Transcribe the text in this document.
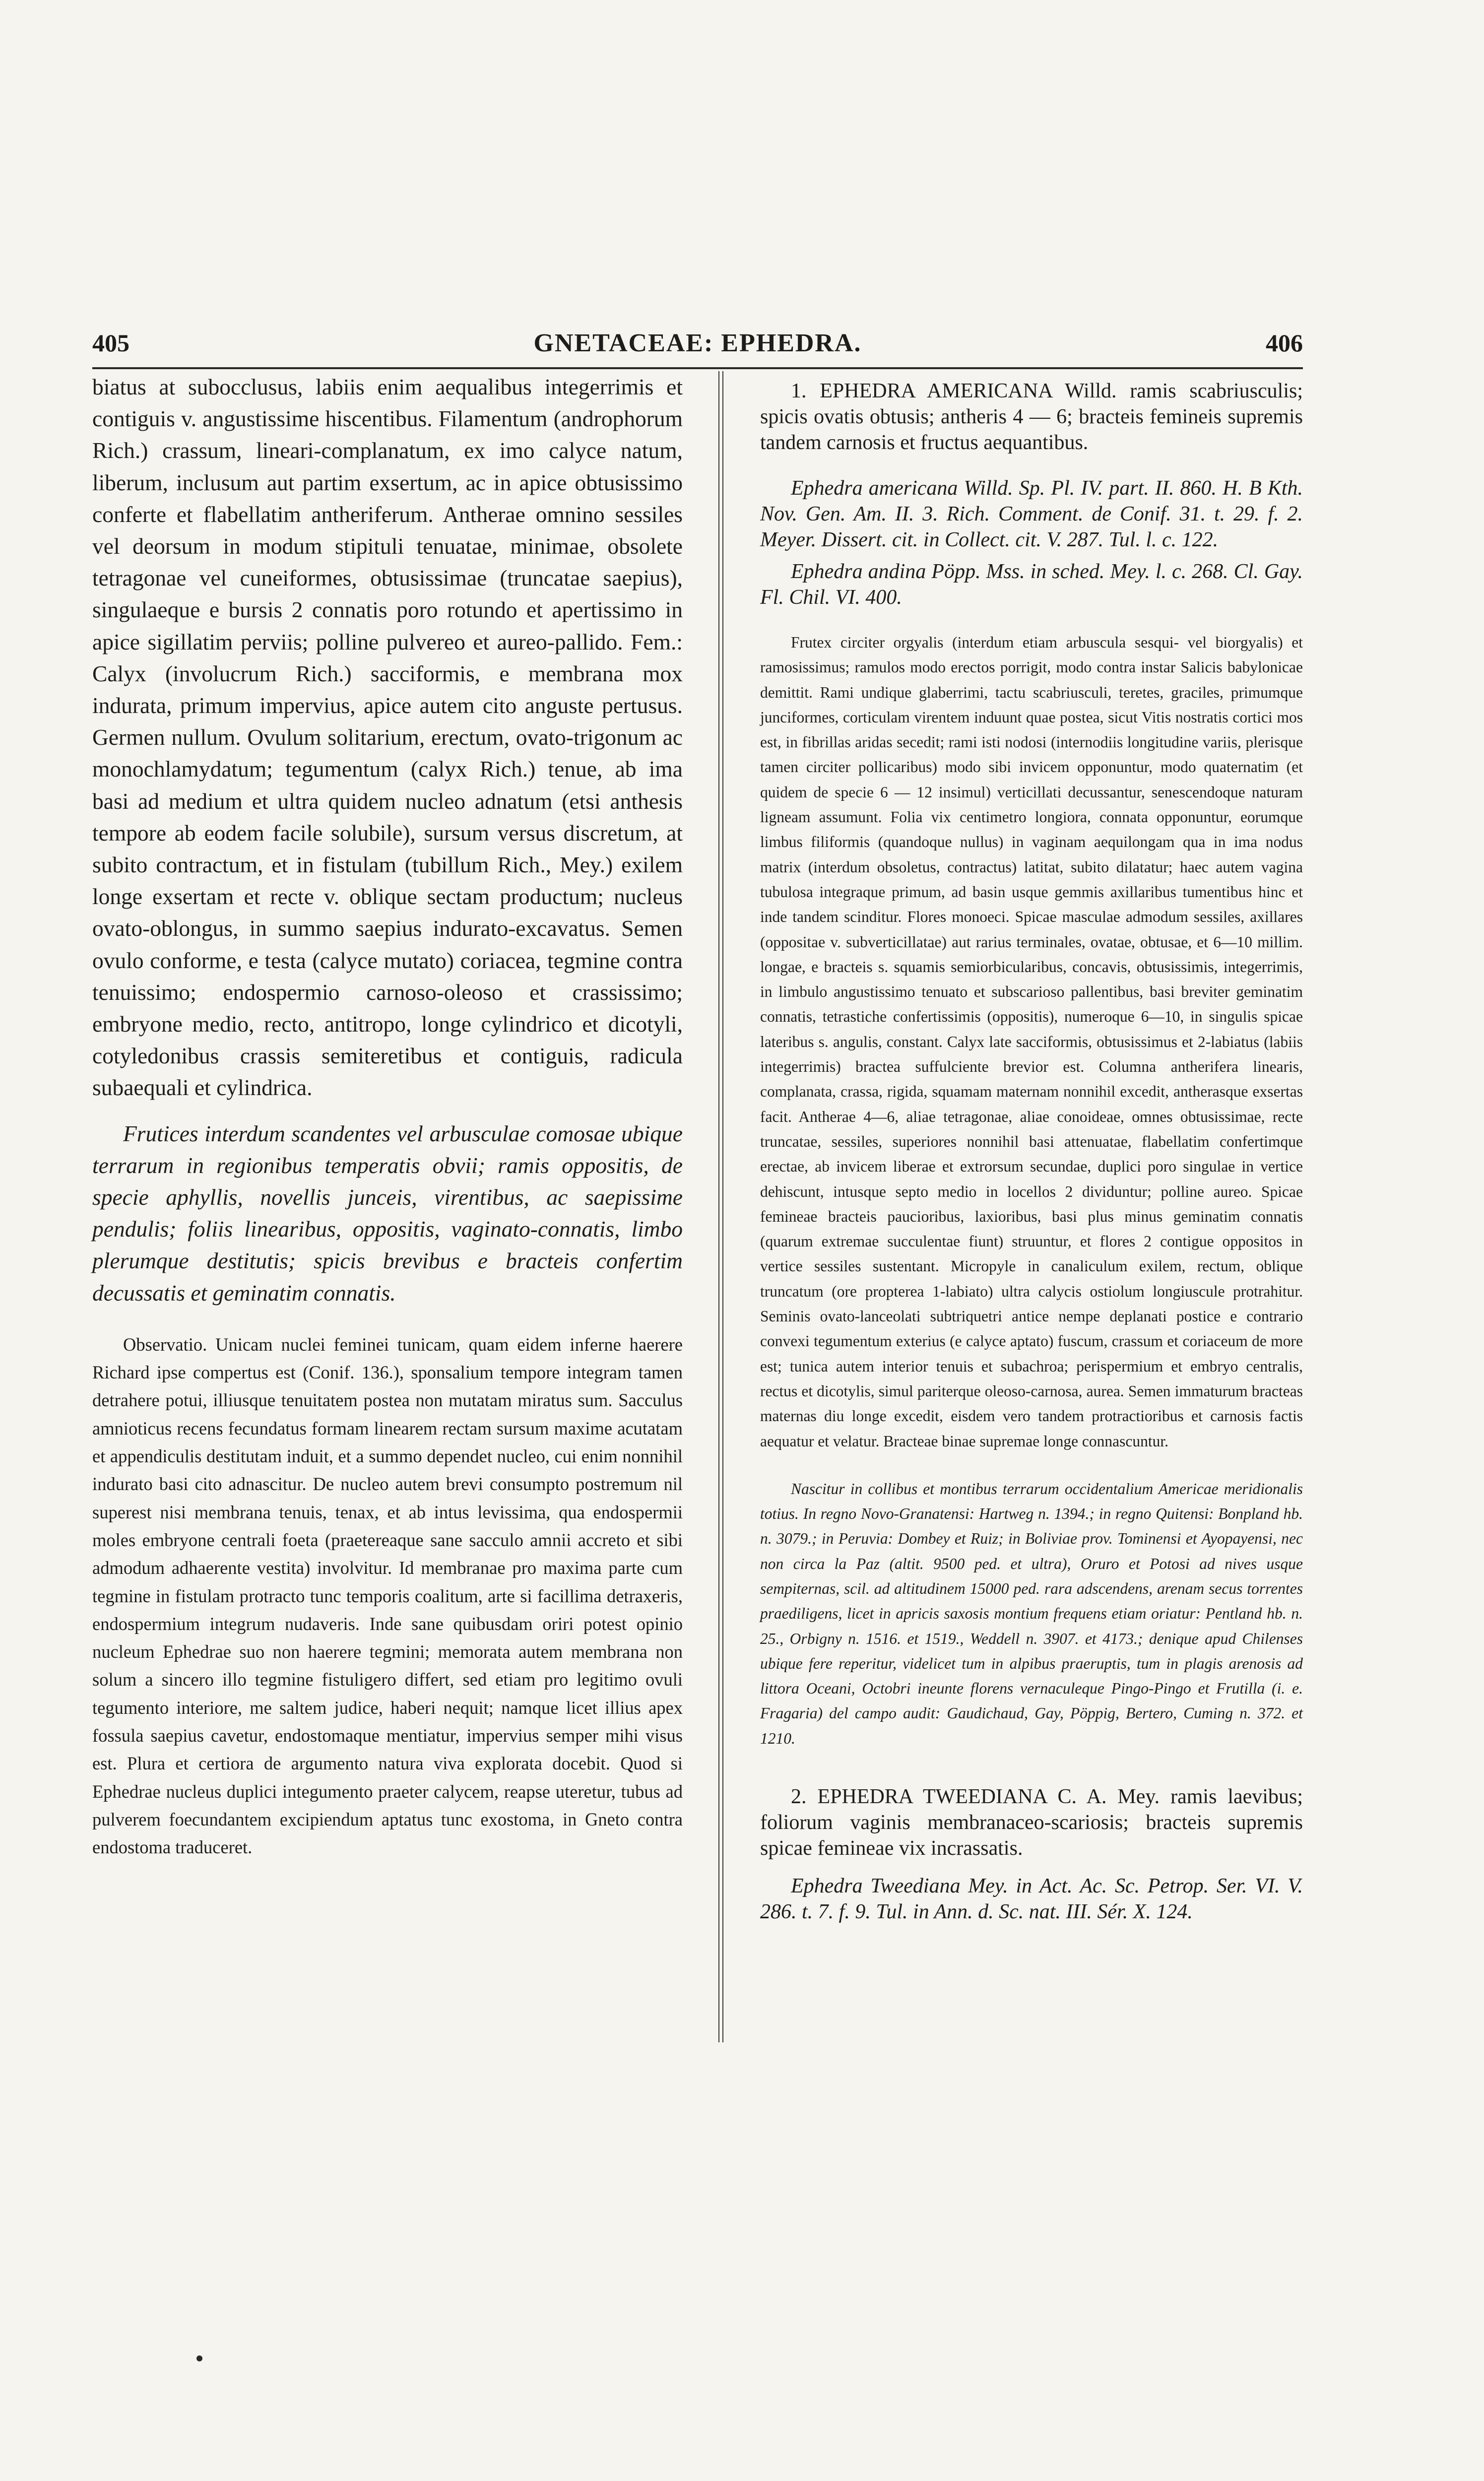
405	GNETACEAE: EPHEDRA.	406

biatus at subocclusus, labiis enim aequalibus integerrimis et contiguis v. angustissime hiscentibus. Filamentum (androphorum Rich.) crassum, lineari-complanatum, ex imo calyce natum, liberum, inclusum aut partim exsertum, ac in apice obtusissimo conferte et flabellatim antheriferum. Antherae omnino sessiles vel deorsum in modum stipituli tenuatae, minimae, obsolete tetragonae vel cuneiformes, obtusissimae (truncatae saepius), singulaeque e bursis 2 connatis poro rotundo et apertissimo in apice sigillatim perviis; polline pulvereo et aureo-pallido. Fem.: Calyx (involucrum Rich.) sacciformis, e membrana mox indurata, primum impervius, apice autem cito anguste pertusus. Germen nullum. Ovulum solitarium, erectum, ovato-trigonum ac monochlamydatum; tegumentum (calyx Rich.) tenue, ab ima basi ad medium et ultra quidem nucleo adnatum (etsi anthesis tempore ab eodem facile solubile), sursum versus discretum, at subito contractum, et in fistulam (tubillum Rich., Mey.) exilem longe exsertam et recte v. oblique sectam productum; nucleus ovato-oblongus, in summo saepius indurato-excavatus. Semen ovulo conforme, e testa (calyce mutato) coriacea, tegmine contra tenuissimo; endospermio carnoso-oleoso et crassissimo; embryone medio, recto, antitropo, longe cylindrico et dicotyli, cotyledonibus crassis semiteretibus et contiguis, radicula subaequali et cylindrica.

Frutices interdum scandentes vel arbusculae comosae ubique terrarum in regionibus temperatis obvii; ramis oppositis, de specie aphyllis, novellis junceis, virentibus, ac saepissime pendulis; foliis linearibus, oppositis, vaginato-connatis, limbo plerumque destitutis; spicis brevibus e bracteis confertim decussatis et geminatim connatis.

Observatio. Unicam nuclei feminei tunicam, quam eidem inferne haerere Richard ipse compertus est (Conif. 136.), sponsalium tempore integram tamen detrahere potui, illiusque tenuitatem postea non mutatam miratus sum. Sacculus amnioticus recens fecundatus formam linearem rectam sursum maxime acutatam et appendiculis destitutam induit, et a summo dependet nucleo, cui enim nonnihil indurato basi cito adnascitur. De nucleo autem brevi consumpto postremum nil superest nisi membrana tenuis, tenax, et ab intus levissima, qua endospermii moles embryone centrali foeta (praetereaque sane sacculo amnii accreto et sibi admodum adhaerente vestita) involvitur. Id membranae pro maxima parte cum tegmine in fistulam protracto tunc temporis coalitum, arte si facillima detraxeris, endospermium integrum nudaveris. Inde sane quibusdam oriri potest opinio nucleum Ephedrae suo non haerere tegmini; memorata autem membrana non solum a sincero illo tegmine fistuligero differt, sed etiam pro legitimo ovuli tegumento interiore, me saltem judice, haberi nequit; namque licet illius apex fossula saepius cavetur, endostomaque mentiatur, impervius semper mihi visus est. Plura et certiora de argumento natura viva explorata docebit. Quod si Ephedrae nucleus duplici integumento praeter calycem, reapse uteretur, tubus ad pulverem foecundantem excipiendum aptatus tunc exostoma, in Gneto contra endostoma traduceret.

1. EPHEDRA AMERICANA Willd. ramis scabriusculis; spicis ovatis obtusis; antheris 4 — 6; bracteis femineis supremis tandem carnosis et fructus aequantibus.

Ephedra americana Willd. Sp. Pl. IV. part. II. 860. H. B Kth. Nov. Gen. Am. II. 3. Rich. Comment. de Conif. 31. t. 29. f. 2. Meyer. Dissert. cit. in Collect. cit. V. 287. Tul. l. c. 122.

Ephedra andina Pöpp. Mss. in sched. Mey. l. c. 268. Cl. Gay. Fl. Chil. VI. 400.

Frutex circiter orgyalis (interdum etiam arbuscula sesqui- vel biorgyalis) et ramosissimus; ramulos modo erectos porrigit, modo contra instar Salicis babylonicae demittit. Rami undique glaberrimi, tactu scabriusculi, teretes, graciles, primumque junciformes, corticulam virentem induunt quae postea, sicut Vitis nostratis cortici mos est, in fibrillas aridas secedit; rami isti nodosi (internodiis longitudine variis, plerisque tamen circiter pollicaribus) modo sibi invicem opponuntur, modo quaternatim (et quidem de specie 6 — 12 insimul) verticillati decussantur, senescendoque naturam ligneam assumunt. Folia vix centimetro longiora, connata opponuntur, eorumque limbus filiformis (quandoque nullus) in vaginam aequilongam qua in ima nodus matrix (interdum obsoletus, contractus) latitat, subito dilatatur; haec autem vagina tubulosa integraque primum, ad basin usque gemmis axillaribus tumentibus hinc et inde tandem scinditur. Flores monoeci. Spicae masculae admodum sessiles, axillares (oppositae v. subverticillatae) aut rarius terminales, ovatae, obtusae, et 6—10 millim. longae, e bracteis s. squamis semiorbicularibus, concavis, obtusissimis, integerrimis, in limbulo angustissimo tenuato et subscarioso pallentibus, basi breviter geminatim connatis, tetrastiche confertissimis (oppositis), numeroque 6—10, in singulis spicae lateribus s. angulis, constant. Calyx late sacciformis, obtusissimus et 2-labiatus (labiis integerrimis) bractea suffulciente brevior est. Columna antherifera linearis, complanata, crassa, rigida, squamam maternam nonnihil excedit, antherasque exsertas facit. Antherae 4—6, aliae tetragonae, aliae conoideae, omnes obtusissimae, recte truncatae, sessiles, superiores nonnihil basi attenuatae, flabellatim confertimque erectae, ab invicem liberae et extrorsum secundae, duplici poro singulae in vertice dehiscunt, intusque septo medio in locellos 2 dividuntur; polline aureo. Spicae femineae bracteis paucioribus, laxioribus, basi plus minus geminatim connatis (quarum extremae succulentae fiunt) struuntur, et flores 2 contigue oppositos in vertice sessiles sustentant. Micropyle in canaliculum exilem, rectum, oblique truncatum (ore propterea 1-labiato) ultra calycis ostiolum longiuscule protrahitur. Seminis ovato-lanceolati subtriquetri antice nempe deplanati postice e contrario convexi tegumentum exterius (e calyce aptato) fuscum, crassum et coriaceum de more est; tunica autem interior tenuis et subachroa; perispermium et embryo centralis, rectus et dicotylis, simul pariterque oleoso-carnosa, aurea. Semen immaturum bracteas maternas diu longe excedit, eisdem vero tandem protractioribus et carnosis factis aequatur et velatur. Bracteae binae supremae longe connascuntur.

Nascitur in collibus et montibus terrarum occidentalium Americae meridionalis totius. In regno Novo-Granatensi: Hartweg n. 1394.; in regno Quitensi: Bonpland hb. n. 3079.; in Peruvia: Dombey et Ruiz; in Boliviae prov. Tominensi et Ayopayensi, nec non circa la Paz (altit. 9500 ped. et ultra), Oruro et Potosi ad nives usque sempiternas, scil. ad altitudinem 15000 ped. rara adscendens, arenam secus torrentes praediligens, licet in apricis saxosis montium frequens etiam oriatur: Pentland hb. n. 25., Orbigny n. 1516. et 1519., Weddell n. 3907. et 4173.; denique apud Chilenses ubique fere reperitur, videlicet tum in alpibus praeruptis, tum in plagis arenosis ad littora Oceani, Octobri ineunte florens vernaculeque Pingo-Pingo et Frutilla (i. e. Fragaria) del campo audit: Gaudichaud, Gay, Pöppig, Bertero, Cuming n. 372. et 1210.

2. EPHEDRA TWEEDIANA C. A. Mey. ramis laevibus; foliorum vaginis membranaceo-scariosis; bracteis supremis spicae femineae vix incrassatis.

Ephedra Tweediana Mey. in Act. Ac. Sc. Petrop. Ser. VI. V. 286. t. 7. f. 9. Tul. in Ann. d. Sc. nat. III. Sér. X. 124.
